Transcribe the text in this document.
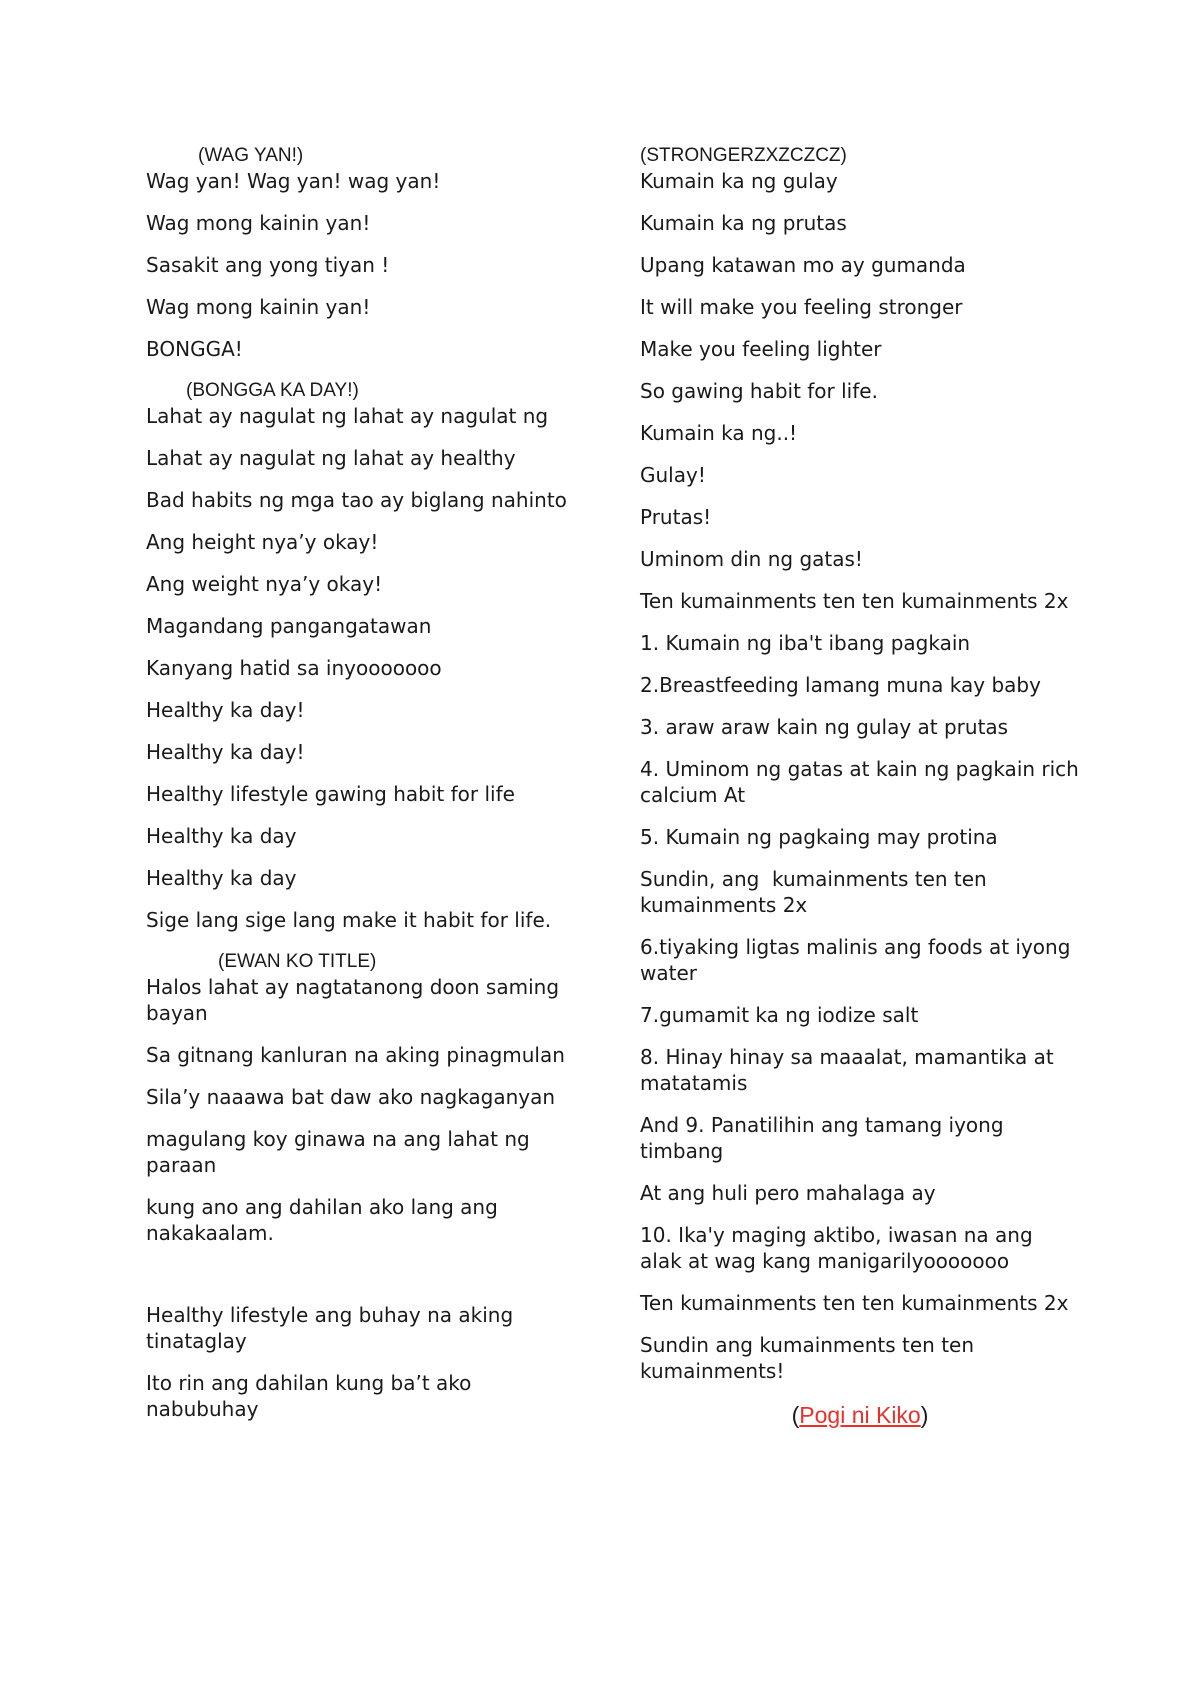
(WAG YAN!)
Wag yan! Wag yan! wag yan!
Wag mong kainin yan!
Sasakit ang yong tiyan !
Wag mong kainin yan!
BONGGA!
(BONGGA KA DAY!)
Lahat ay nagulat ng lahat ay nagulat ng
Lahat ay nagulat ng lahat ay healthy
Bad habits ng mga tao ay biglang nahinto
Ang height nya’y okay!
Ang weight nya’y okay!
Magandang pangangatawan
Kanyang hatid sa inyooooooo
Healthy ka day!
Healthy ka day!
Healthy lifestyle gawing habit for life
Healthy ka day
Healthy ka day
Sige lang sige lang make it habit for life.
(EWAN KO TITLE)
Halos lahat ay nagtatanong doon saming bayan
Sa gitnang kanluran na aking pinagmulan
Sila’y naaawa bat daw ako nagkaganyan
magulang koy ginawa na ang lahat ng paraan
kung ano ang dahilan ako lang ang nakakaalam.
Healthy lifestyle ang buhay na aking tinataglay
Ito rin ang dahilan kung ba’t ako nabubuhay
(STRONGERZXZCZCZ)
Kumain ka ng gulay
Kumain ka ng prutas
Upang katawan mo ay gumanda
It will make you feeling stronger
Make you feeling lighter
So gawing habit for life.
Kumain ka ng..!
Gulay!
Prutas!
Uminom din ng gatas!
Ten kumainments ten ten kumainments 2x
1. Kumain ng iba't ibang pagkain
2.Breastfeeding lamang muna kay baby
3. araw araw kain ng gulay at prutas
4. Uminom ng gatas at kain ng pagkain rich calcium At
5. Kumain ng pagkaing may protina
Sundin, ang  kumainments ten ten kumainments 2x
6.tiyaking ligtas malinis ang foods at iyong  water
7.gumamit ka ng iodize salt
8. Hinay hinay sa maaalat, mamantika at matatamis
And 9. Panatilihin ang tamang iyong timbang
At ang huli pero mahalaga ay
10. Ika'y maging aktibo, iwasan na ang alak at wag kang manigarilyooooooo
Ten kumainments ten ten kumainments 2x
Sundin ang kumainments ten ten kumainments!
(Pogi ni Kiko)
